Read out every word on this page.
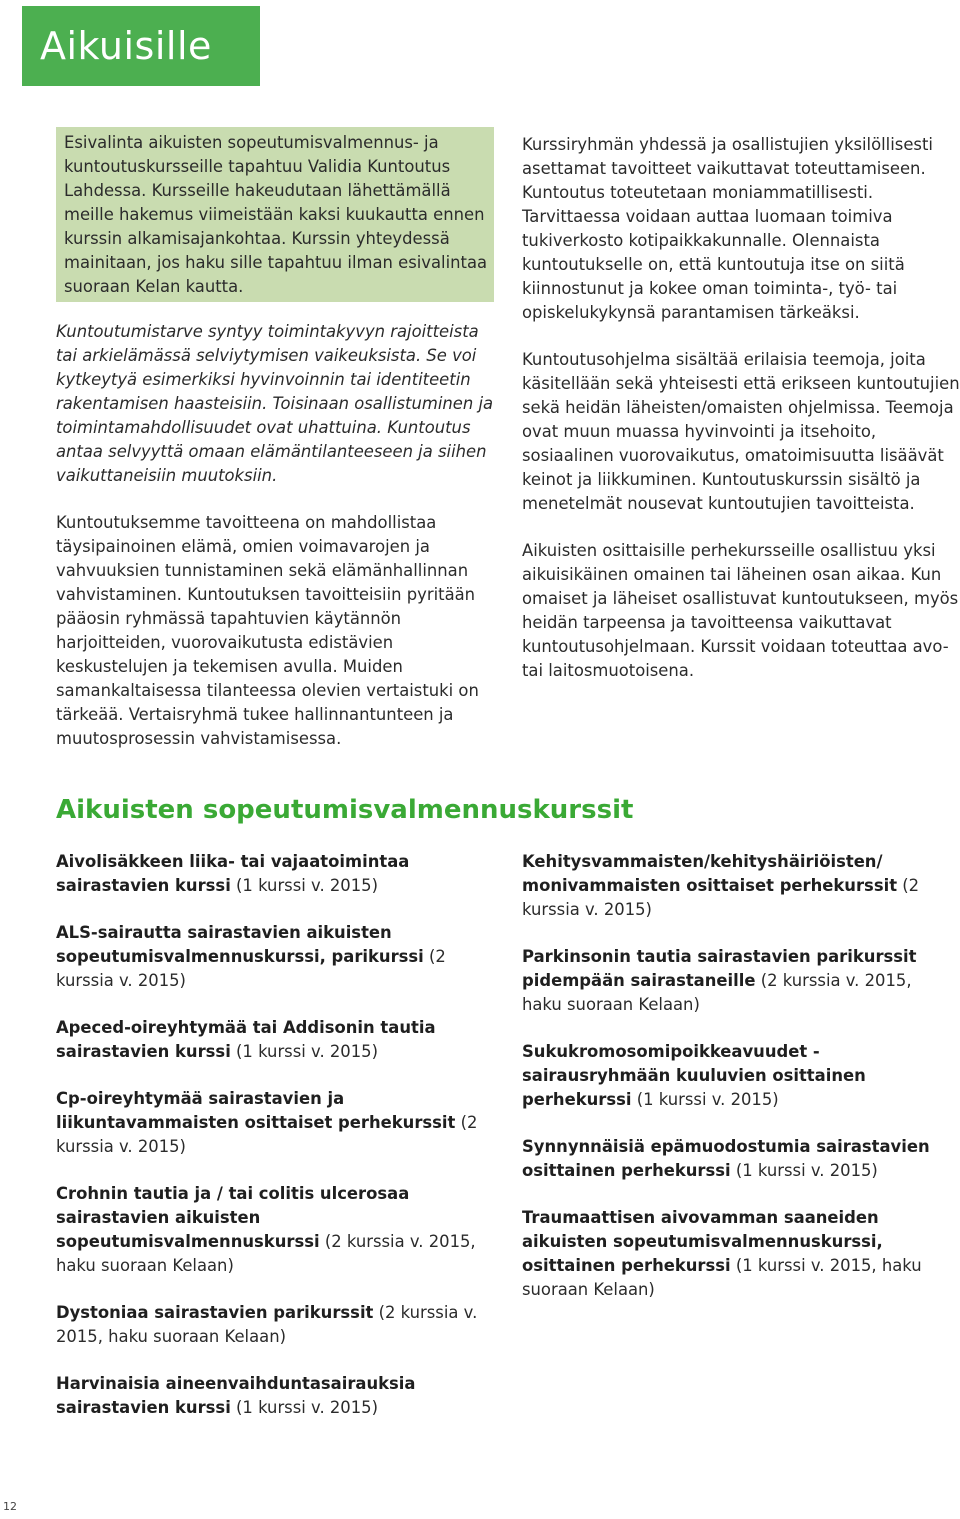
Aikuisille
Esivalinta aikuisten sopeutumisvalmennus- ja kuntoutuskursseille tapahtuu Validia Kuntoutus Lahdessa. Kursseille hakeudutaan lähettämällä meille hakemus viimeistään kaksi kuukautta ennen kurssin alkamisajankohtaa. Kurssin yhteydessä mainitaan, jos haku sille tapahtuu ilman esivalintaa suoraan Kelan kautta.

Kuntoutumistarve syntyy toimintakyvyn rajoitteista tai arkielämässä selviytymisen vaikeuksista. Se voi kytkeytyä esimerkiksi hyvinvoinnin tai identiteetin rakentamisen haasteisiin. Toisinaan osallistuminen ja toimintamahdollisuudet ovat uhattuina. Kuntoutus antaa selvyyttä omaan elämäntilanteeseen ja siihen vaikuttaneisiin muutoksiin.

Kuntoutuksemme tavoitteena on mahdollistaa täysipainoinen elämä, omien voimavarojen ja vahvuuksien tunnistaminen sekä elämänhallinnan vahvistaminen. Kuntoutuksen tavoitteisiin pyritään pääosin ryhmässä tapahtuvien käytännön harjoitteiden, vuorovaikutusta edistävien keskustelujen ja tekemisen avulla. Muiden samankaltaisessa tilanteessa olevien vertaistuki on tärkeää. Vertaisryhmä tukee hallinnantunteen ja muutosprosessin vahvistamisessa.

Kurssiryhmän yhdessä ja osallistujien yksilöllisesti asettamat tavoitteet vaikuttavat toteuttamiseen. Kuntoutus toteutetaan moniammatillisesti. Tarvittaessa voidaan auttaa luomaan toimiva tukiverkosto kotipaikkakunnalle. Olennaista kuntoutukselle on, että kuntoutuja itse on siitä kiinnostunut ja kokee oman toiminta-, työ- tai opiskelukykynsä parantamisen tärkeäksi.

Kuntoutusohjelma sisältää erilaisia teemoja, joita käsitellään sekä yhteisesti että erikseen kuntoutujien sekä heidän läheisten/omaisten ohjelmissa. Teemoja ovat muun muassa hyvinvointi ja itsehoito, sosiaalinen vuorovaikutus, omatoimisuutta lisäävät keinot ja liikkuminen. Kuntoutuskurssin sisältö ja menetelmät nousevat kuntoutujien tavoitteista.

Aikuisten osittaisille perhekursseille osallistuu yksi aikuisikäinen omainen tai läheinen osan aikaa. Kun omaiset ja läheiset osallistuvat kuntoutukseen, myös heidän tarpeensa ja tavoitteensa vaikuttavat kuntoutusohjelmaan. Kurssit voidaan toteuttaa avo- tai laitosmuotoisena.

Aikuisten sopeutumisvalmennuskurssit

Aivolisäkkeen liika- tai vajaatoimintaa sairastavien kurssi (1 kurssi v. 2015)

ALS-sairautta sairastavien aikuisten sopeutumisvalmennuskurssi, parikurssi (2 kurssia v. 2015)

Apeced-oireyhtymää tai Addisonin tautia sairastavien kurssi (1 kurssi v. 2015)

Cp-oireyhtymää sairastavien ja liikuntavammaisten osittaiset perhekurssit (2 kurssia v. 2015)

Crohnin tautia ja / tai colitis ulcerosaa sairastavien aikuisten sopeutumisvalmennuskurssi (2 kurssia v. 2015, haku suoraan Kelaan)

Dystoniaa sairastavien parikurssit (2 kurssia v. 2015, haku suoraan Kelaan)

Harvinaisia aineenvaihduntasairauksia sairastavien kurssi (1 kurssi v. 2015)

Kehitysvammaisten/kehityshäiriöisten/ monivammaisten osittaiset perhekurssit (2 kurssia v. 2015)

Parkinsonin tautia sairastavien parikurssit pidempään sairastaneille (2 kurssia v. 2015, haku suoraan Kelaan)

Sukukromosomipoikkeavuudet -sairausryhmään kuuluvien osittainen perhekurssi (1 kurssi v. 2015)

Synnynnäisiä epämuodostumia sairastavien osittainen perhekurssi (1 kurssi v. 2015)

Traumaattisen aivovamman saaneiden aikuisten sopeutumisvalmennuskurssi, osittainen perhekurssi (1 kurssi v. 2015, haku suoraan Kelaan)

12
